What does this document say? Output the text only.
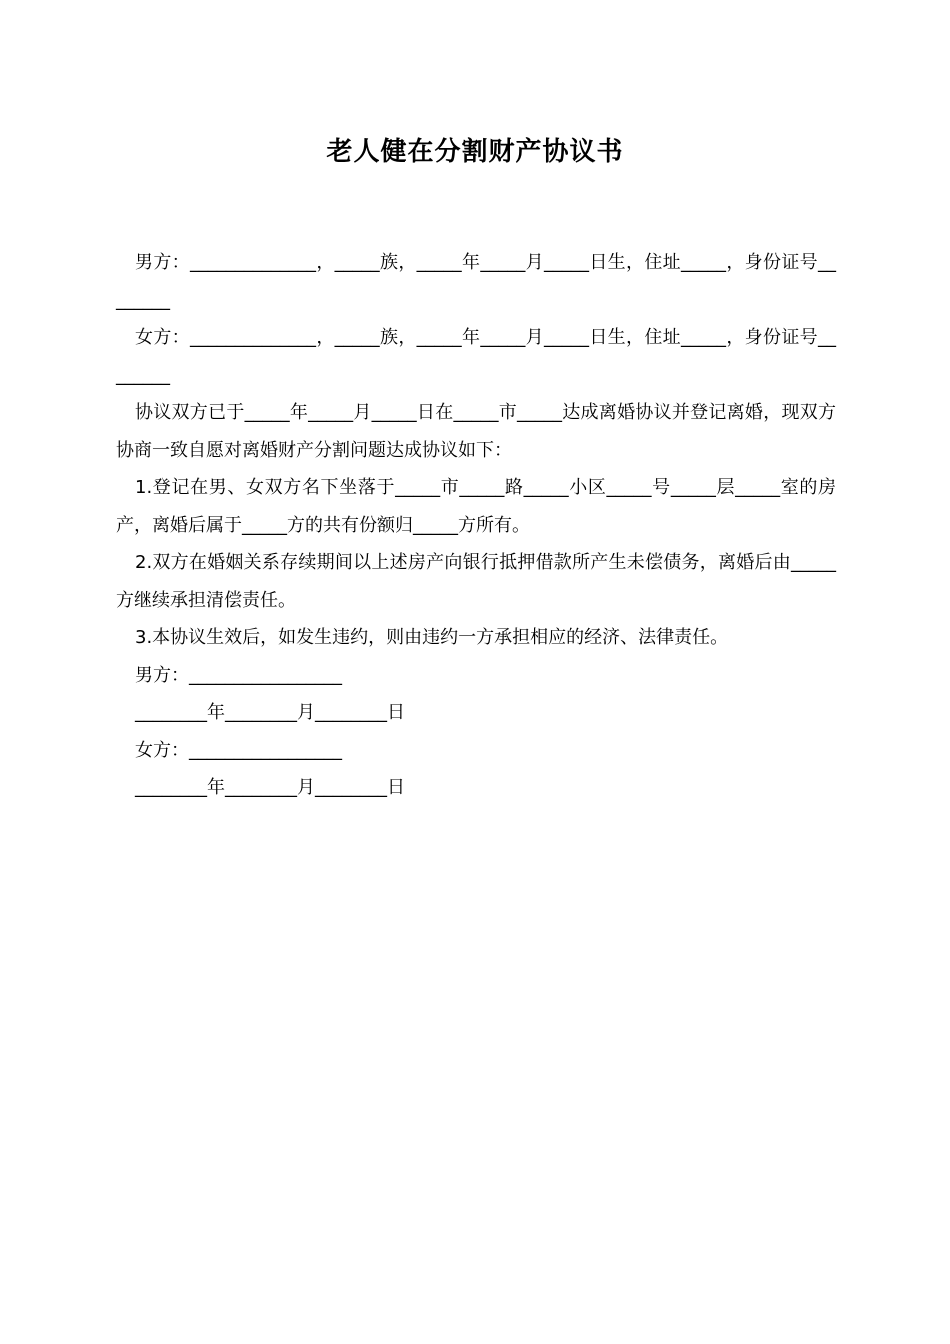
老人健在分割财产协议书

男方：______________，_____族，_____年_____月_____日生，住址_____，身份证号________

女方：______________，_____族，_____年_____月_____日生，住址_____，身份证号________

协议双方已于_____年_____月_____日在_____市_____达成离婚协议并登记离婚，现双方协商一致自愿对离婚财产分割问题达成协议如下：

1.登记在男、女双方名下坐落于_____市_____路_____小区_____号_____层_____室的房产，离婚后属于_____方的共有份额归_____方所有。

2.双方在婚姻关系存续期间以上述房产向银行抵押借款所产生未偿债务，离婚后由_____方继续承担清偿责任。

3.本协议生效后，如发生违约，则由违约一方承担相应的经济、法律责任。

男方：_________________

________年________月________日

女方：_________________

________年________月________日
